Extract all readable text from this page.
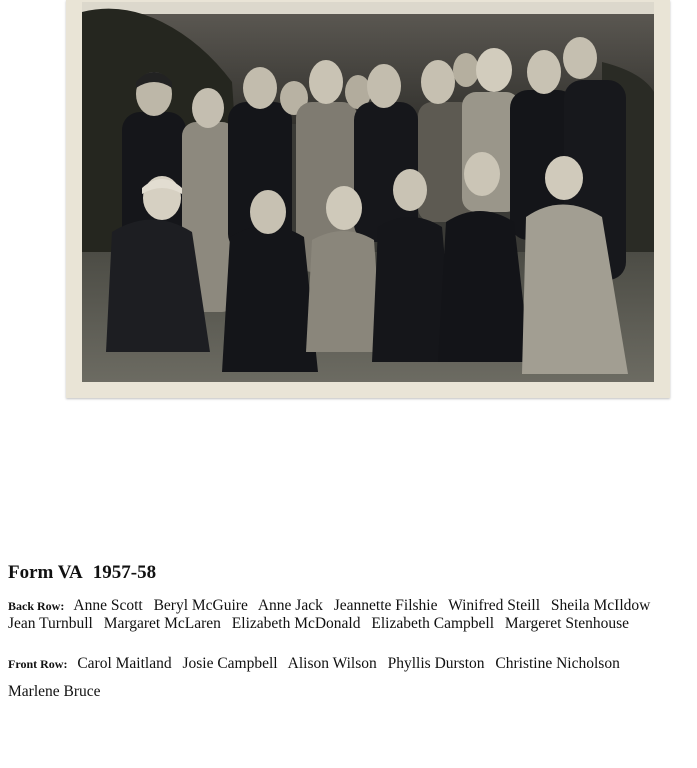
Form VA 1957-58

Back Row: Anne Scott Beryl McGuire Anne Jack Jeannette Filshie Winifred Steill Sheila McIldow

Jean Turnbull Margaret McLaren Elizabeth McDonald Elizabeth Campbell Margeret Stenhouse

Front Row: Carol Maitland Josie Campbell Alison Wilson Phyllis Durston Christine Nicholson

Marlene Bruce
